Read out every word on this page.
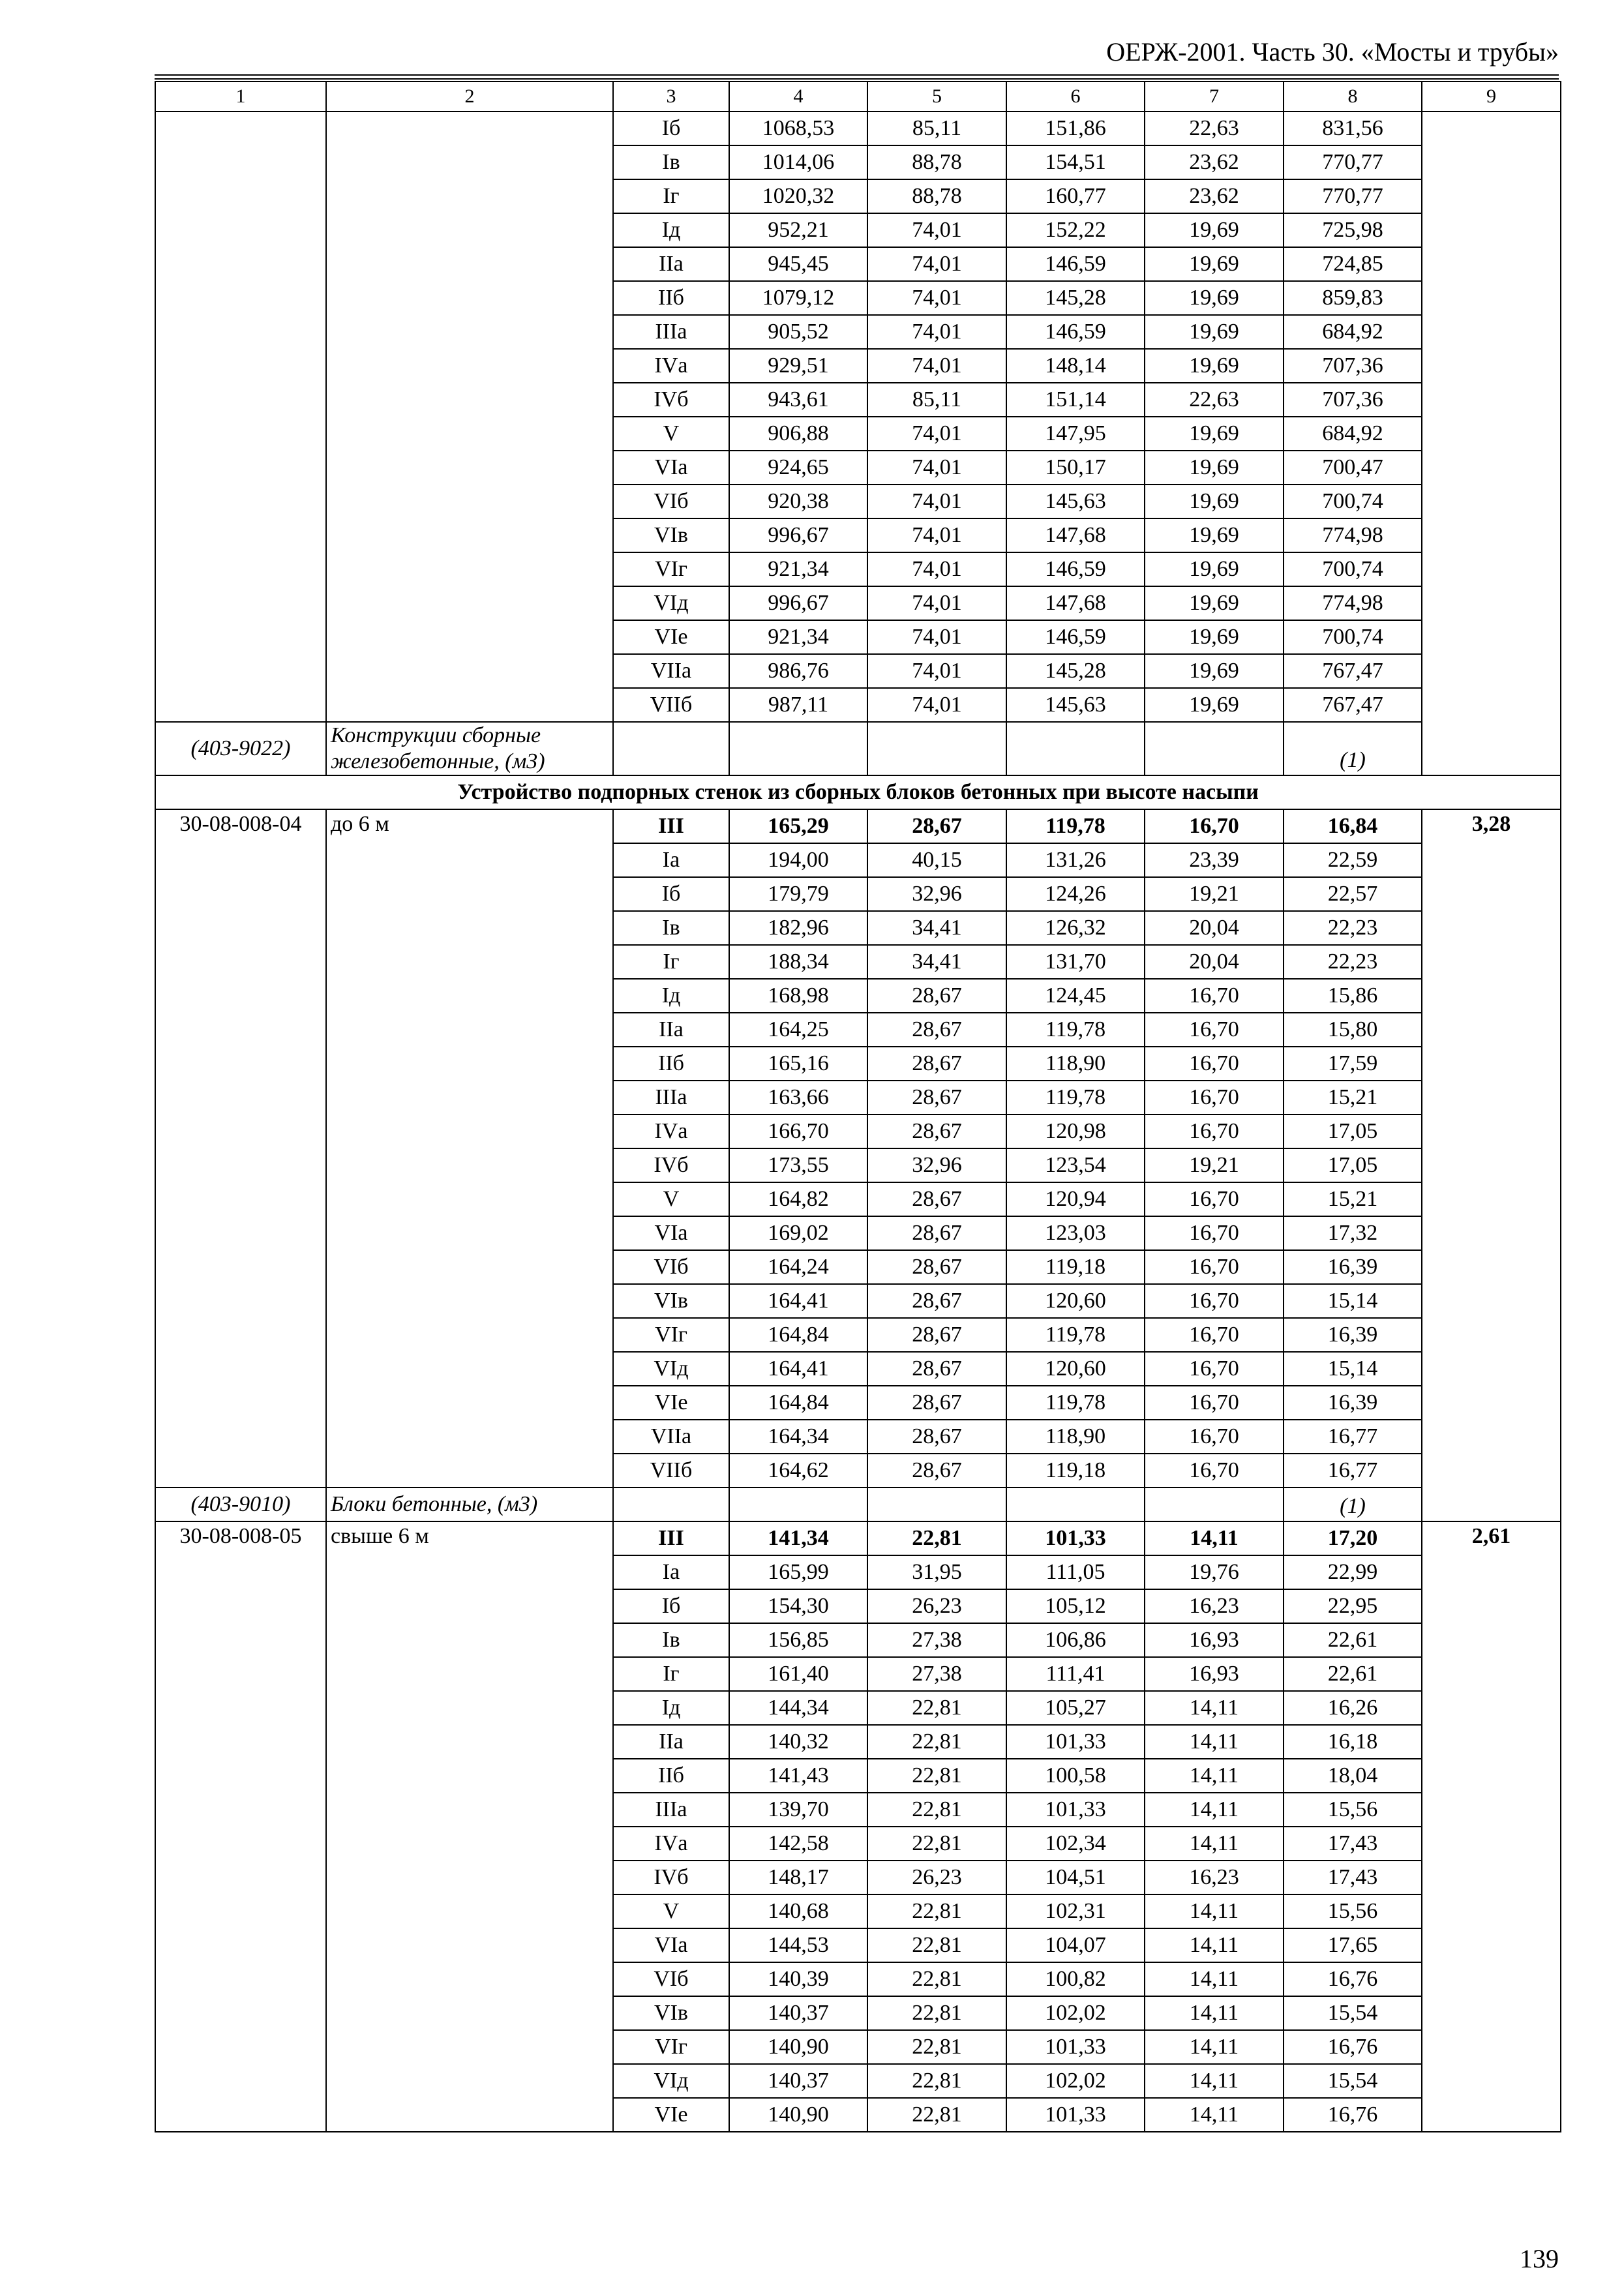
ОЕРЖ-2001. Часть 30. «Мосты и трубы»
1	2	3	4	5	6	7	8	9
		Iб	1068,53	85,11	151,86	22,63	831,56	
		Iв	1014,06	88,78	154,51	23,62	770,77	
		Iг	1020,32	88,78	160,77	23,62	770,77	
		Iд	952,21	74,01	152,22	19,69	725,98	
		IIа	945,45	74,01	146,59	19,69	724,85	
		IIб	1079,12	74,01	145,28	19,69	859,83	
		IIIа	905,52	74,01	146,59	19,69	684,92	
		IVа	929,51	74,01	148,14	19,69	707,36	
		IVб	943,61	85,11	151,14	22,63	707,36	
		V	906,88	74,01	147,95	19,69	684,92	
		VIа	924,65	74,01	150,17	19,69	700,47	
		VIб	920,38	74,01	145,63	19,69	700,74	
		VIв	996,67	74,01	147,68	19,69	774,98	
		VIг	921,34	74,01	146,59	19,69	700,74	
		VIд	996,67	74,01	147,68	19,69	774,98	
		VIе	921,34	74,01	146,59	19,69	700,74	
		VIIа	986,76	74,01	145,28	19,69	767,47	
		VIIб	987,11	74,01	145,63	19,69	767,47	
(403-9022)	Конструкции сборные железобетонные, (м3)						(1)	
Устройство подпорных стенок из сборных блоков бетонных при высоте насыпи								
30-08-008-04	до 6 м	III	165,29	28,67	119,78	16,70	16,84	3,28
		Iа	194,00	40,15	131,26	23,39	22,59	
		Iб	179,79	32,96	124,26	19,21	22,57	
		Iв	182,96	34,41	126,32	20,04	22,23	
		Iг	188,34	34,41	131,70	20,04	22,23	
		Iд	168,98	28,67	124,45	16,70	15,86	
		IIа	164,25	28,67	119,78	16,70	15,80	
		IIб	165,16	28,67	118,90	16,70	17,59	
		IIIа	163,66	28,67	119,78	16,70	15,21	
		IVа	166,70	28,67	120,98	16,70	17,05	
		IVб	173,55	32,96	123,54	19,21	17,05	
		V	164,82	28,67	120,94	16,70	15,21	
		VIа	169,02	28,67	123,03	16,70	17,32	
		VIб	164,24	28,67	119,18	16,70	16,39	
		VIв	164,41	28,67	120,60	16,70	15,14	
		VIг	164,84	28,67	119,78	16,70	16,39	
		VIд	164,41	28,67	120,60	16,70	15,14	
		VIе	164,84	28,67	119,78	16,70	16,39	
		VIIа	164,34	28,67	118,90	16,70	16,77	
		VIIб	164,62	28,67	119,18	16,70	16,77	
(403-9010)	Блоки бетонные, (м3)						(1)	
30-08-008-05	свыше 6 м	III	141,34	22,81	101,33	14,11	17,20	2,61
		Iа	165,99	31,95	111,05	19,76	22,99	
		Iб	154,30	26,23	105,12	16,23	22,95	
		Iв	156,85	27,38	106,86	16,93	22,61	
		Iг	161,40	27,38	111,41	16,93	22,61	
		Iд	144,34	22,81	105,27	14,11	16,26	
		IIа	140,32	22,81	101,33	14,11	16,18	
		IIб	141,43	22,81	100,58	14,11	18,04	
		IIIа	139,70	22,81	101,33	14,11	15,56	
		IVа	142,58	22,81	102,34	14,11	17,43	
		IVб	148,17	26,23	104,51	16,23	17,43	
		V	140,68	22,81	102,31	14,11	15,56	
		VIа	144,53	22,81	104,07	14,11	17,65	
		VIб	140,39	22,81	100,82	14,11	16,76	
		VIв	140,37	22,81	102,02	14,11	15,54	
		VIг	140,90	22,81	101,33	14,11	16,76	
		VIд	140,37	22,81	102,02	14,11	15,54	
		VIе	140,90	22,81	101,33	14,11	16,76	
139
